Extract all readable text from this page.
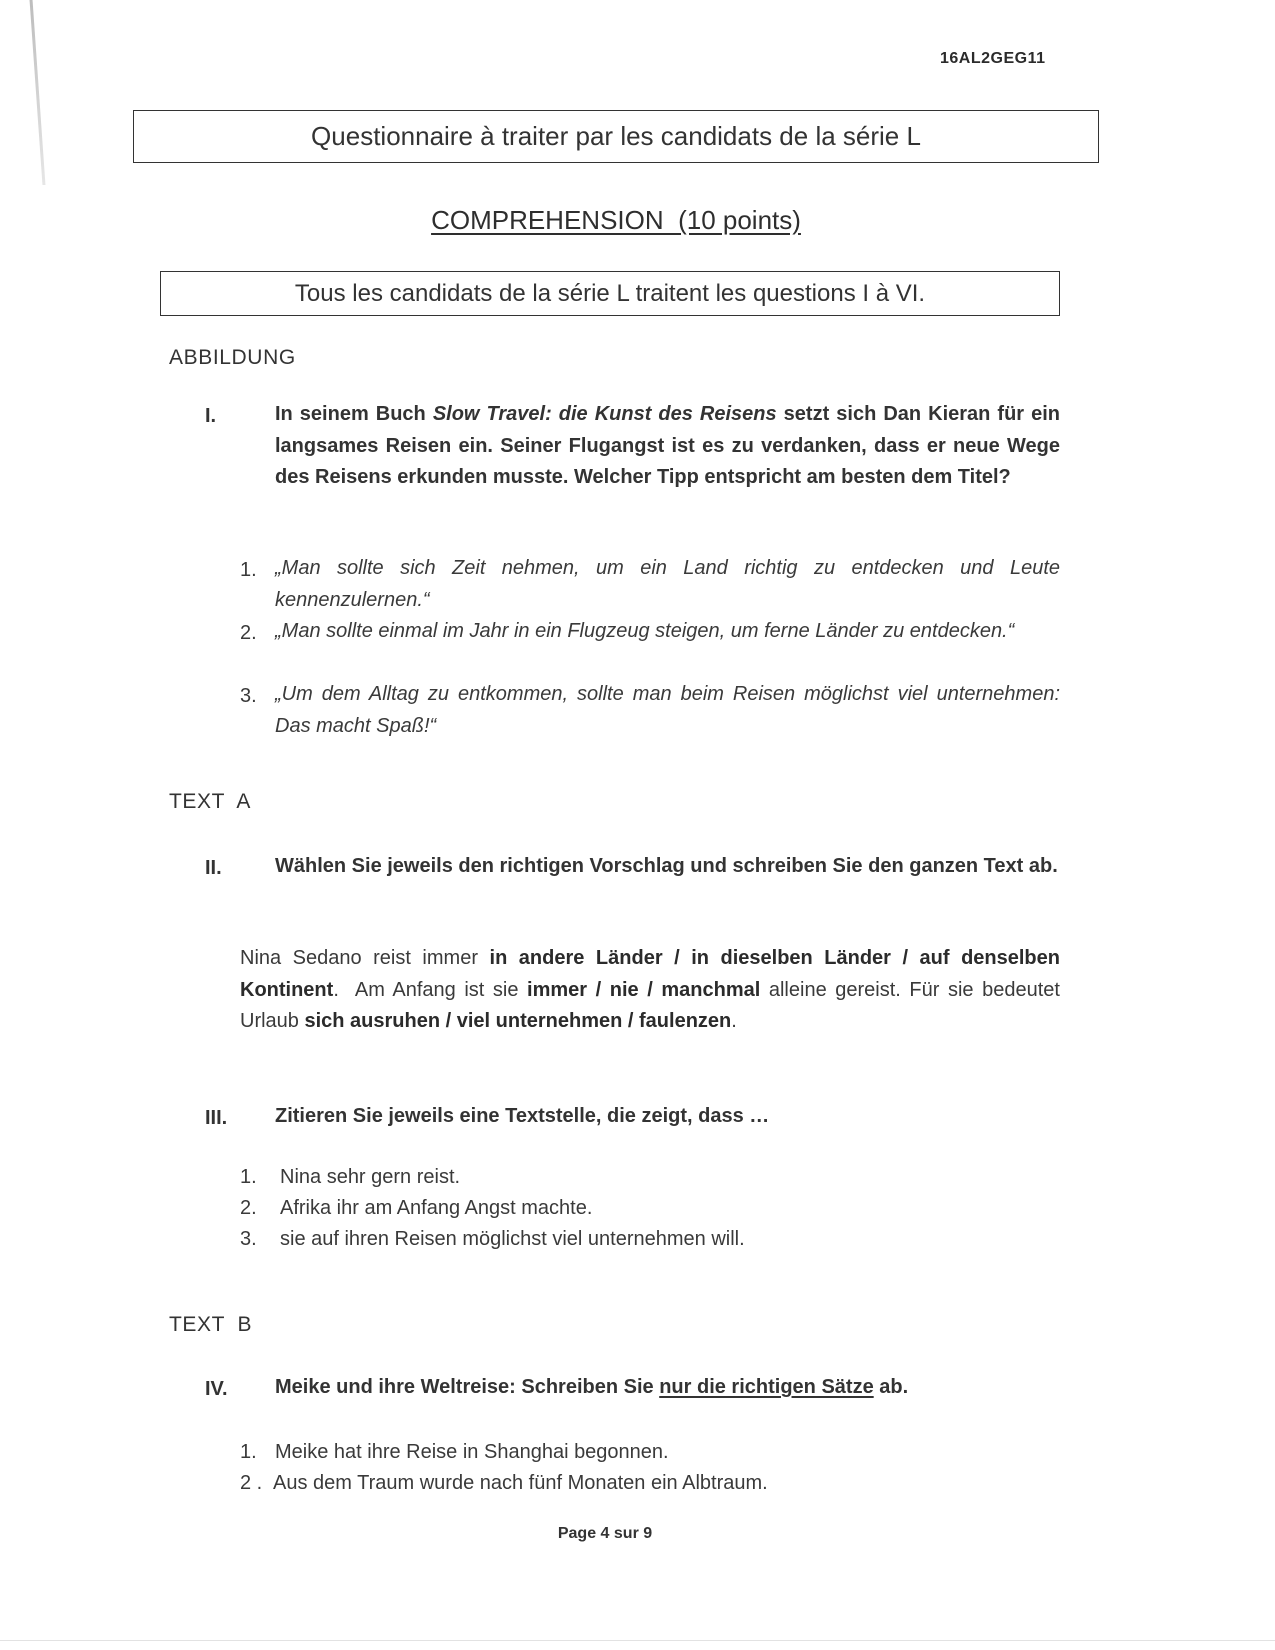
16AL2GEG11
Questionnaire à traiter par les candidats de la série L
COMPREHENSION  (10 points)
Tous les candidats de la série L traitent les questions I à VI.
ABBILDUNG
I.	In seinem Buch Slow Travel: die Kunst des Reisens setzt sich Dan Kieran für ein langsames Reisen ein. Seiner Flugangst ist es zu verdanken, dass er neue Wege des Reisens erkunden musste. Welcher Tipp entspricht am besten dem Titel?

1. „Man sollte sich Zeit nehmen, um ein Land richtig zu entdecken und Leute kennenzulernen.“

2. „Man sollte einmal im Jahr in ein Flugzeug steigen, um ferne Länder zu entdecken.“

3. „Um dem Alltag zu entkommen, sollte man beim Reisen möglichst viel unternehmen: Das macht Spaß!“

TEXT  A
II.	Wählen Sie jeweils den richtigen Vorschlag und schreiben Sie den ganzen Text ab.

Nina Sedano reist immer in andere Länder / in dieselben Länder / auf denselben Kontinent.  Am Anfang ist sie immer / nie / manchmal alleine gereist. Für sie bedeutet Urlaub sich ausruhen / viel unternehmen / faulenzen.

III. Zitieren Sie jeweils eine Textstelle, die zeigt, dass …

1. Nina sehr gern reist.
2. Afrika ihr am Anfang Angst machte.
3. sie auf ihren Reisen möglichst viel unternehmen will.
TEXT  B
IV. Meike und ihre Weltreise: Schreiben Sie nur die richtigen Sätze ab.

1. Meike hat ihre Reise in Shanghai begonnen.
2 . Aus dem Traum wurde nach fünf Monaten ein Albtraum.
Page 4 sur 9
